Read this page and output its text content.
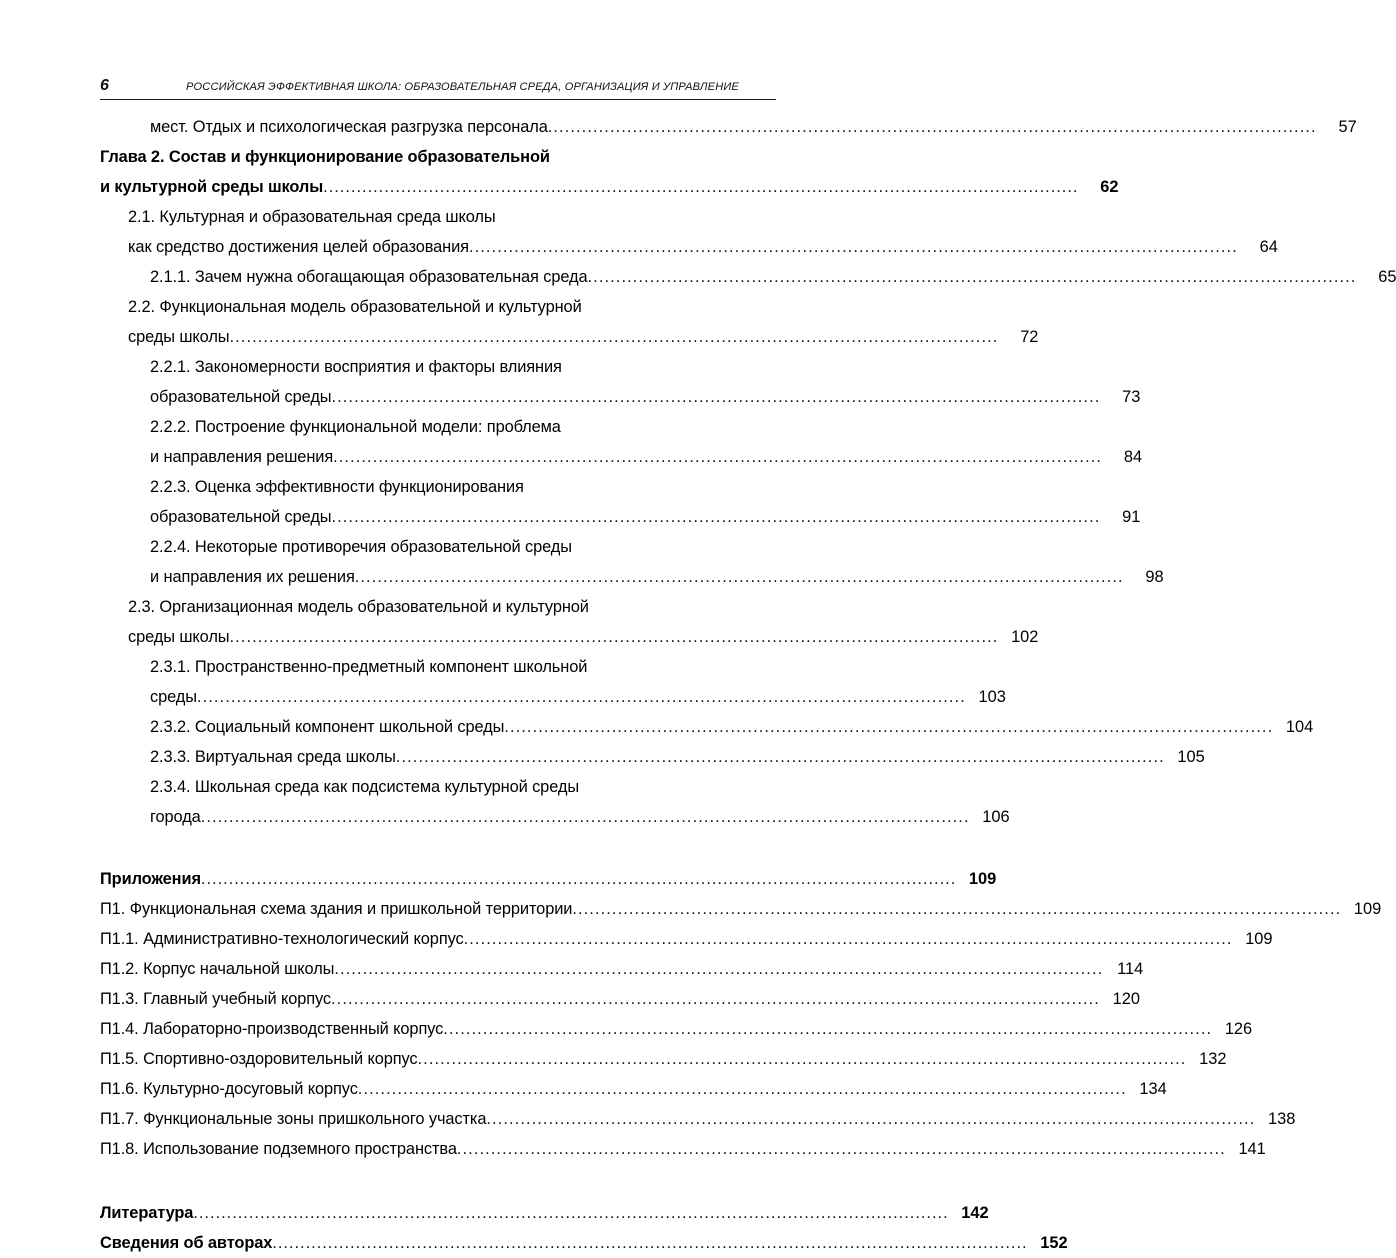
6	РОССИЙСКАЯ ЭФФЕКТИВНАЯ ШКОЛА: ОБРАЗОВАТЕЛЬНАЯ СРЕДА, ОРГАНИЗАЦИЯ И УПРАВЛЕНИЕ
мест. Отдых и психологическая разгрузка персонала .....	57
Глава 2. Состав и функционирование образовательной
и культурной среды школы .....	62
2.1. Культурная и образовательная среда школы
как средство достижения целей образования .....	64
2.1.1. Зачем нужна обогащающая образовательная среда .....	65
2.2. Функциональная модель образовательной и культурной
среды школы .....	72
2.2.1. Закономерности восприятия и факторы влияния
образовательной среды .....	73
2.2.2. Построение функциональной модели: проблема
и направления решения .....	84
2.2.3. Оценка эффективности функционирования
образовательной среды .....	91
2.2.4. Некоторые противоречия образовательной среды
и направления их решения .....	98
2.3. Организационная модель образовательной и культурной
среды школы .....	102
2.3.1. Пространственно-предметный компонент школьной
среды .....	103
2.3.2. Социальный компонент школьной среды .....	104
2.3.3. Виртуальная среда школы .....	105
2.3.4. Школьная среда как подсистема культурной среды
города .....	106
Приложения .....	109
П1. Функциональная схема здания и пришкольной территории .....	109
П1.1. Административно-технологический корпус .....	109
П1.2. Корпус начальной школы .....	114
П1.3. Главный учебный корпус .....	120
П1.4. Лабораторно-производственный корпус .....	126
П1.5. Спортивно-оздоровительный корпус .....	132
П1.6. Культурно-досуговый корпус .....	134
П1.7. Функциональные зоны пришкольного участка .....	138
П1.8. Использование подземного пространства .....	141
Литература .....	142
Сведения об авторах .....	152
